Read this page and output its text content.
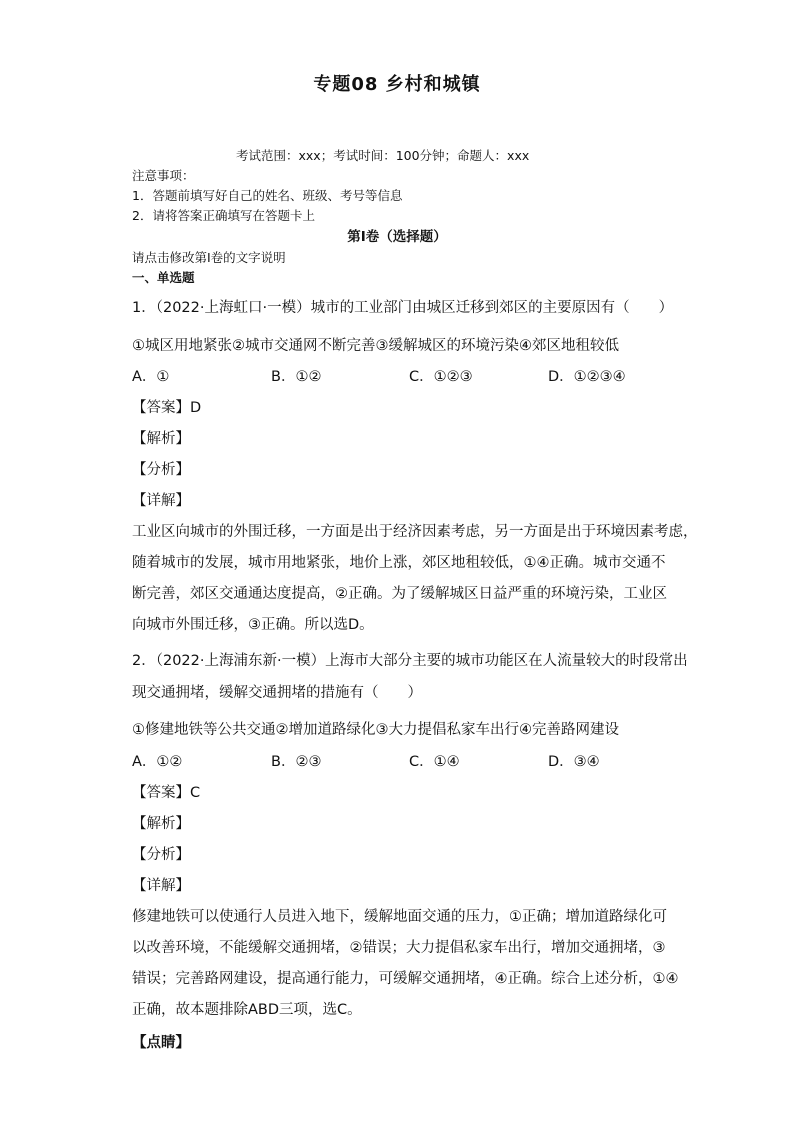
专题08 乡村和城镇
考试范围：xxx；考试时间：100分钟；命题人：xxx
注意事项：
1．答题前填写好自己的姓名、班级、考号等信息
2．请将答案正确填写在答题卡上
第I卷（选择题）
请点击修改第I卷的文字说明
一、单选题
1．（2022·上海虹口·一模）城市的工业部门由城区迁移到郊区的主要原因有（　　）
①城区用地紧张②城市交通网不断完善③缓解城区的环境污染④郊区地租较低
A．①	B．①②	C．①②③	D．①②③④
【答案】D
【解析】
【分析】
【详解】
工业区向城市的外围迁移，一方面是出于经济因素考虑，另一方面是出于环境因素考虑，
随着城市的发展，城市用地紧张，地价上涨，郊区地租较低，①④正确。城市交通不
断完善，郊区交通通达度提高，②正确。为了缓解城区日益严重的环境污染，工业区
向城市外围迁移，③正确。所以选D。
2．（2022·上海浦东新·一模）上海市大部分主要的城市功能区在人流量较大的时段常出
现交通拥堵，缓解交通拥堵的措施有（　　）
①修建地铁等公共交通②增加道路绿化③大力提倡私家车出行④完善路网建设
A．①②	B．②③	C．①④	D．③④
【答案】C
【解析】
【分析】
【详解】
修建地铁可以使通行人员进入地下，缓解地面交通的压力，①正确；增加道路绿化可
以改善环境，不能缓解交通拥堵，②错误；大力提倡私家车出行，增加交通拥堵，③
错误；完善路网建设，提高通行能力，可缓解交通拥堵，④正确。综合上述分析，①④
正确，故本题排除ABD三项，选C。
【点睛】
